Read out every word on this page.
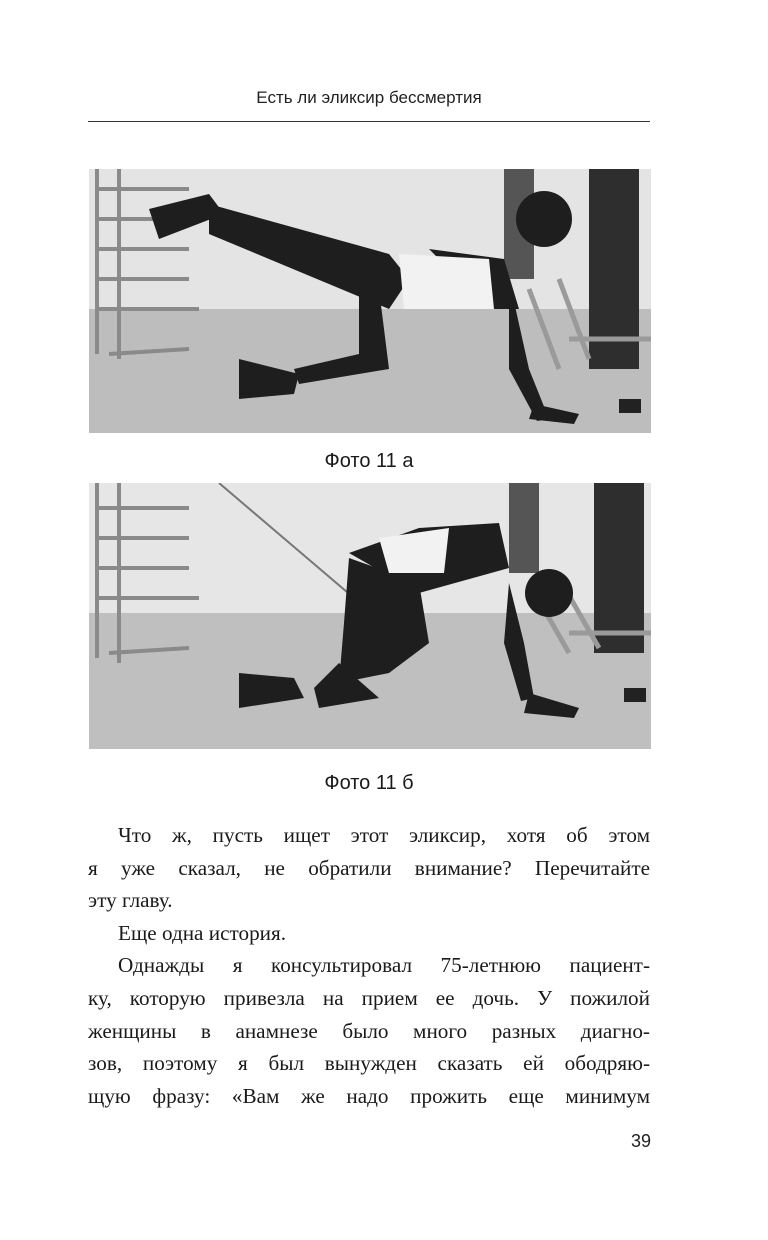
Есть ли эликсир бессмертия
Фото 11 а
Фото 11 б
Что ж, пусть ищет этот эликсир, хотя об этом
я уже сказал, не обратили внимание? Перечитайте
эту главу.
Еще одна история.
Однажды я консультировал 75-летнюю пациент-
ку, которую привезла на прием ее дочь. У пожилой
женщины в анамнезе было много разных диагно-
зов, поэтому я был вынужден сказать ей ободряю-
щую фразу: «Вам же надо прожить еще минимум
39
